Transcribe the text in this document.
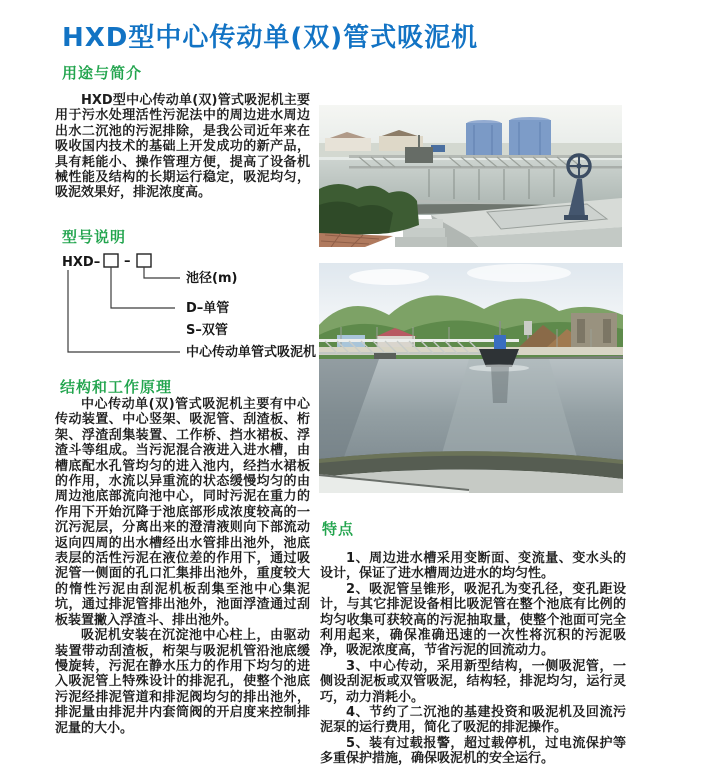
HXD型中心传动单(双)管式吸泥机
用途与简介

HXD型中心传动单(双)管式吸泥机主要用于污水处理活性污泥法中的周边进水周边出水二沉池的污泥排除，是我公司近年来在吸收国内技术的基础上开发成功的新产品，具有耗能小、操作管理方便，提高了设备机械性能及结构的长期运行稳定，吸泥均匀，吸泥效果好，排泥浓度高。

型号说明
HXD– –
池径(m)
D–单管
S–双管
中心传动单管式吸泥机
结构和工作原理

中心传动单(双)管式吸泥机主要有中心传动装置、中心竖架、吸泥管、刮渣板、桁架、浮渣刮集装置、工作桥、挡水裙板、浮渣斗等组成。当污泥混合液进入进水槽，由槽底配水孔管均匀的进入池内，经挡水裙板的作用，水流以异重流的状态缓慢均匀的由周边池底部流向池中心，同时污泥在重力的作用下开始沉降于池底部形成浓度较高的一沉污泥层，分离出来的澄清液则向下部流动返向四周的出水槽经出水管排出池外，池底表层的活性污泥在液位差的作用下，通过吸泥管一侧面的孔口汇集排出池外，重度较大的惰性污泥由刮泥机板刮集至池中心集泥坑，通过排泥管排出池外，池面浮渣通过刮板装置撇入浮渣斗、排出池外。

吸泥机安装在沉淀池中心柱上，由驱动装置带动刮渣板，桁架与吸泥机管沿池底缓慢旋转，污泥在静水压力的作用下均匀的进入吸泥管上特殊设计的排泥孔，使整个池底污泥经排泥管道和排泥阀均匀的排出池外，排泥量由排泥井内套筒阀的开启度来控制排泥量的大小。

特点

1、周边进水槽采用变断面、变流量、变水头的设计，保证了进水槽周边进水的均匀性。

2、吸泥管呈锥形，吸泥孔为变孔径，变孔距设计，与其它排泥设备相比吸泥管在整个池底有比例的均匀收集可获较高的污泥抽取量，使整个池面可完全利用起来，确保准确迅速的一次性将沉积的污泥吸净，吸泥浓度高，节省污泥的回流动力。

3、中心传动，采用新型结构，一侧吸泥管，一侧设刮泥板或双管吸泥，结构轻，排泥均匀，运行灵巧，动力消耗小。

4、节约了二沉池的基建投资和吸泥机及回流污泥泵的运行费用，简化了吸泥的排泥操作。

5、装有过载报警，超过载停机，过电流保护等多重保护措施，确保吸泥机的安全运行。
